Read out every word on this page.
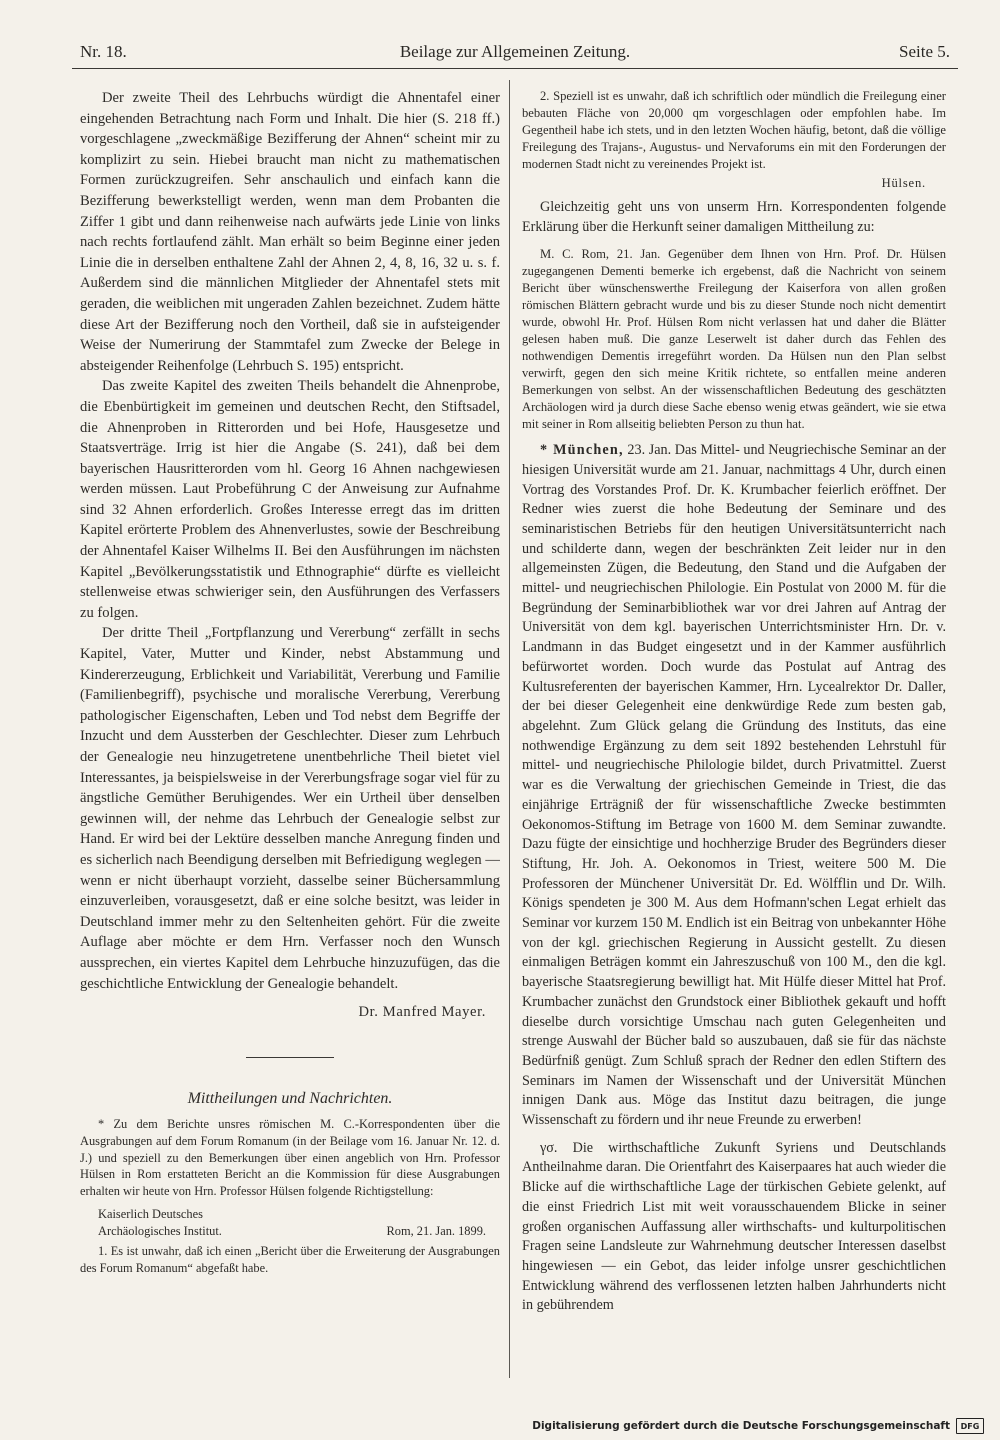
Nr. 18.	Beilage zur Allgemeinen Zeitung.	Seite 5.

Der zweite Theil des Lehrbuchs würdigt die Ahnentafel einer eingehenden Betrachtung nach Form und Inhalt. Die hier (S. 218 ff.) vorgeschlagene „zweckmäßige Bezifferung der Ahnen“ scheint mir zu komplizirt zu sein. Hiebei braucht man nicht zu mathematischen Formen zurückzugreifen. Sehr anschaulich und einfach kann die Bezifferung bewerkstelligt werden, wenn man dem Probanten die Ziffer 1 gibt und dann reihenweise nach aufwärts jede Linie von links nach rechts fortlaufend zählt. Man erhält so beim Beginne einer jeden Linie die in derselben enthaltene Zahl der Ahnen 2, 4, 8, 16, 32 u. s. f. Außerdem sind die männlichen Mitglieder der Ahnentafel stets mit geraden, die weiblichen mit ungeraden Zahlen bezeichnet. Zudem hätte diese Art der Bezifferung noch den Vortheil, daß sie in aufsteigender Weise der Numerirung der Stammtafel zum Zwecke der Belege in absteigender Reihenfolge (Lehrbuch S. 195) entspricht.

Das zweite Kapitel des zweiten Theils behandelt die Ahnenprobe, die Ebenbürtigkeit im gemeinen und deutschen Recht, den Stiftsadel, die Ahnenproben in Ritterorden und bei Hofe, Hausgesetze und Staatsverträge. Irrig ist hier die Angabe (S. 241), daß bei dem bayerischen Hausritterorden vom hl. Georg 16 Ahnen nachgewiesen werden müssen. Laut Probeführung C der Anweisung zur Aufnahme sind 32 Ahnen erforderlich. Großes Interesse erregt das im dritten Kapitel erörterte Problem des Ahnenverlustes, sowie der Beschreibung der Ahnentafel Kaiser Wilhelms II. Bei den Ausführungen im nächsten Kapitel „Bevölkerungsstatistik und Ethnographie“ dürfte es vielleicht stellenweise etwas schwieriger sein, den Ausführungen des Verfassers zu folgen.

Der dritte Theil „Fortpflanzung und Vererbung“ zerfällt in sechs Kapitel, Vater, Mutter und Kinder, nebst Abstammung und Kindererzeugung, Erblichkeit und Variabilität, Vererbung und Familie (Familienbegriff), psychische und moralische Vererbung, Vererbung pathologischer Eigenschaften, Leben und Tod nebst dem Begriffe der Inzucht und dem Aussterben der Geschlechter. Dieser zum Lehrbuch der Genealogie neu hinzugetretene unentbehrliche Theil bietet viel Interessantes, ja beispielsweise in der Vererbungsfrage sogar viel für zu ängstliche Gemüther Beruhigendes. Wer ein Urtheil über denselben gewinnen will, der nehme das Lehrbuch der Genealogie selbst zur Hand. Er wird bei der Lektüre desselben manche Anregung finden und es sicherlich nach Beendigung derselben mit Befriedigung weglegen — wenn er nicht überhaupt vorzieht, dasselbe seiner Büchersammlung einzuverleiben, vorausgesetzt, daß er eine solche besitzt, was leider in Deutschland immer mehr zu den Seltenheiten gehört. Für die zweite Auflage aber möchte er dem Hrn. Verfasser noch den Wunsch aussprechen, ein viertes Kapitel dem Lehrbuche hinzuzufügen, das die geschichtliche Entwicklung der Genealogie behandelt.

Dr. Manfred Mayer.
Mittheilungen und Nachrichten.

* Zu dem Berichte unsres römischen M. C.-Korrespondenten über die Ausgrabungen auf dem Forum Romanum (in der Beilage vom 16. Januar Nr. 12. d. J.) und speziell zu den Bemerkungen über einen angeblich von Hrn. Professor Hülsen in Rom erstatteten Bericht an die Kommission für diese Ausgrabungen erhalten wir heute von Hrn. Professor Hülsen folgende Richtigstellung:

Kaiserlich Deutsches
Archäologisches Institut.	Rom, 21. Jan. 1899.

1. Es ist unwahr, daß ich einen „Bericht über die Erweiterung der Ausgrabungen des Forum Romanum“ abgefaßt habe.

2. Speziell ist es unwahr, daß ich schriftlich oder mündlich die Freilegung einer bebauten Fläche von 20,000 qm vorgeschlagen oder empfohlen habe. Im Gegentheil habe ich stets, und in den letzten Wochen häufig, betont, daß die völlige Freilegung des Trajans-, Augustus- und Nervaforums ein mit den Forderungen der modernen Stadt nicht zu vereinendes Projekt ist.

Hülsen.

Gleichzeitig geht uns von unserm Hrn. Korrespondenten folgende Erklärung über die Herkunft seiner damaligen Mittheilung zu:

M. C. Rom, 21. Jan. Gegenüber dem Ihnen von Hrn. Prof. Dr. Hülsen zugegangenen Dementi bemerke ich ergebenst, daß die Nachricht von seinem Bericht über wünschenswerthe Freilegung der Kaiserfora von allen großen römischen Blättern gebracht wurde und bis zu dieser Stunde noch nicht dementirt wurde, obwohl Hr. Prof. Hülsen Rom nicht verlassen hat und daher die Blätter gelesen haben muß. Die ganze Leserwelt ist daher durch das Fehlen des nothwendigen Dementis irregeführt worden. Da Hülsen nun den Plan selbst verwirft, gegen den sich meine Kritik richtete, so entfallen meine anderen Bemerkungen von selbst. An der wissenschaftlichen Bedeutung des geschätzten Archäologen wird ja durch diese Sache ebenso wenig etwas geändert, wie sie etwa mit seiner in Rom allseitig beliebten Person zu thun hat.

* München, 23. Jan. Das Mittel- und Neugriechische Seminar an der hiesigen Universität wurde am 21. Januar, nachmittags 4 Uhr, durch einen Vortrag des Vorstandes Prof. Dr. K. Krumbacher feierlich eröffnet. Der Redner wies zuerst die hohe Bedeutung der Seminare und des seminaristischen Betriebs für den heutigen Universitätsunterricht nach und schilderte dann, wegen der beschränkten Zeit leider nur in den allgemeinsten Zügen, die Bedeutung, den Stand und die Aufgaben der mittel- und neugriechischen Philologie. Ein Postulat von 2000 M. für die Begründung der Seminarbibliothek war vor drei Jahren auf Antrag der Universität von dem kgl. bayerischen Unterrichtsminister Hrn. Dr. v. Landmann in das Budget eingesetzt und in der Kammer ausführlich befürwortet worden. Doch wurde das Postulat auf Antrag des Kultusreferenten der bayerischen Kammer, Hrn. Lycealrektor Dr. Daller, der bei dieser Gelegenheit eine denkwürdige Rede zum besten gab, abgelehnt. Zum Glück gelang die Gründung des Instituts, das eine nothwendige Ergänzung zu dem seit 1892 bestehenden Lehrstuhl für mittel- und neugriechische Philologie bildet, durch Privatmittel. Zuerst war es die Verwaltung der griechischen Gemeinde in Triest, die das einjährige Erträgniß der für wissenschaftliche Zwecke bestimmten Oekonomos-Stiftung im Betrage von 1600 M. dem Seminar zuwandte. Dazu fügte der einsichtige und hochherzige Bruder des Begründers dieser Stiftung, Hr. Joh. A. Oekonomos in Triest, weitere 500 M. Die Professoren der Münchener Universität Dr. Ed. Wölfflin und Dr. Wilh. Königs spendeten je 300 M. Aus dem Hofmann'schen Legat erhielt das Seminar vor kurzem 150 M. Endlich ist ein Beitrag von unbekannter Höhe von der kgl. griechischen Regierung in Aussicht gestellt. Zu diesen einmaligen Beträgen kommt ein Jahreszuschuß von 100 M., den die kgl. bayerische Staatsregierung bewilligt hat. Mit Hülfe dieser Mittel hat Prof. Krumbacher zunächst den Grundstock einer Bibliothek gekauft und hofft dieselbe durch vorsichtige Umschau nach guten Gelegenheiten und strenge Auswahl der Bücher bald so auszubauen, daß sie für das nächste Bedürfniß genügt. Zum Schluß sprach der Redner den edlen Stiftern des Seminars im Namen der Wissenschaft und der Universität München innigen Dank aus. Möge das Institut dazu beitragen, die junge Wissenschaft zu fördern und ihr neue Freunde zu erwerben!

γσ. Die wirthschaftliche Zukunft Syriens und Deutschlands Antheilnahme daran. Die Orientfahrt des Kaiserpaares hat auch wieder die Blicke auf die wirthschaftliche Lage der türkischen Gebiete gelenkt, auf die einst Friedrich List mit weit vorausschauendem Blicke in seiner großen organischen Auffassung aller wirthschafts- und kulturpolitischen Fragen seine Landsleute zur Wahrnehmung deutscher Interessen daselbst hingewiesen — ein Gebot, das leider infolge unsrer geschichtlichen Entwicklung während des verflossenen letzten halben Jahrhunderts nicht in gebührendem

Digitalisierung gefördert durch die Deutsche Forschungsgemeinschaft	DFG
